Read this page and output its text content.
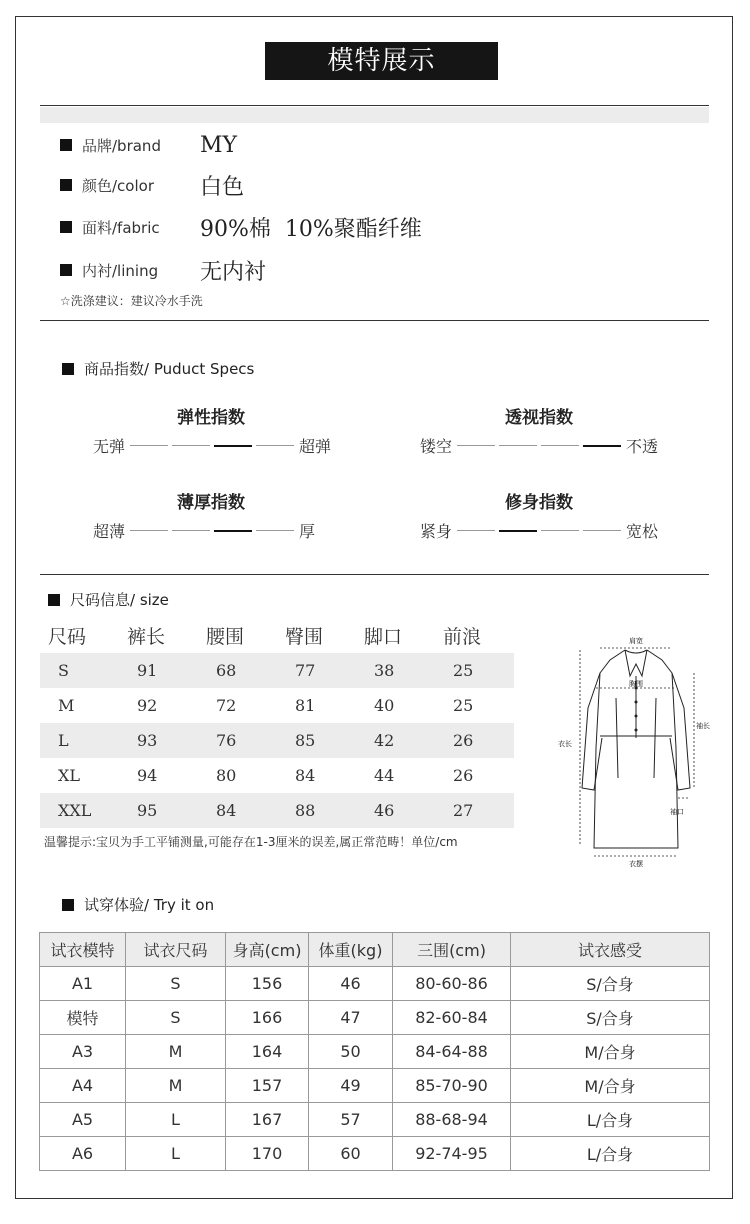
模特展示
品牌/brand	MY
颜色/color	白色
面料/fabric	90%棉  10%聚酯纤维
内衬/lining	无内衬
☆洗涤建议：建议冷水手洗
商品指数/ Puduct Specs
弹性指数
无弹	超弹
透视指数
镂空	不透
薄厚指数
超薄	厚
修身指数
紧身	宽松
尺码信息/ size
尺码	裤长	腰围	臀围	脚口	前浪
S	91	68	77	38	25
M	92	72	81	40	25
L	93	76	85	42	26
XL	94	80	84	44	26
XXL	95	84	88	46	27
温馨提示:宝贝为手工平铺测量,可能存在1-3厘米的误差,属正常范畴！单位/cm
肩宽
胸围
衣长
袖长
袖口
衣摆
试穿体验/ Try it on
试衣模特	试衣尺码	身高(cm)	体重(kg)	三围(cm)	试衣感受
A1	S	156	46	80-60-86	S/合身
模特	S	166	47	82-60-84	S/合身
A3	M	164	50	84-64-88	M/合身
A4	M	157	49	85-70-90	M/合身
A5	L	167	57	88-68-94	L/合身
A6	L	170	60	92-74-95	L/合身
